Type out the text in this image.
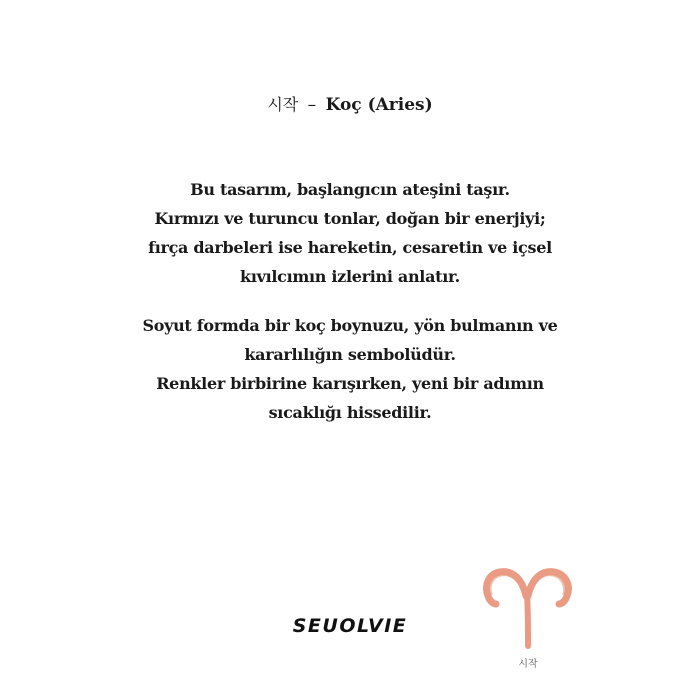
시작 – Koç (Aries)
Bu tasarım, başlangıcın ateşini taşır.
Kırmızı ve turuncu tonlar, doğan bir enerjiyi;
fırça darbeleri ise hareketin, cesaretin ve içsel
kıvılcımın izlerini anlatır.
Soyut formda bir koç boynuzu, yön bulmanın ve
kararlılığın sembolüdür.
Renkler birbirine karışırken, yeni bir adımın
sıcaklığı hissedilir.
SEUOLVIE
시작
